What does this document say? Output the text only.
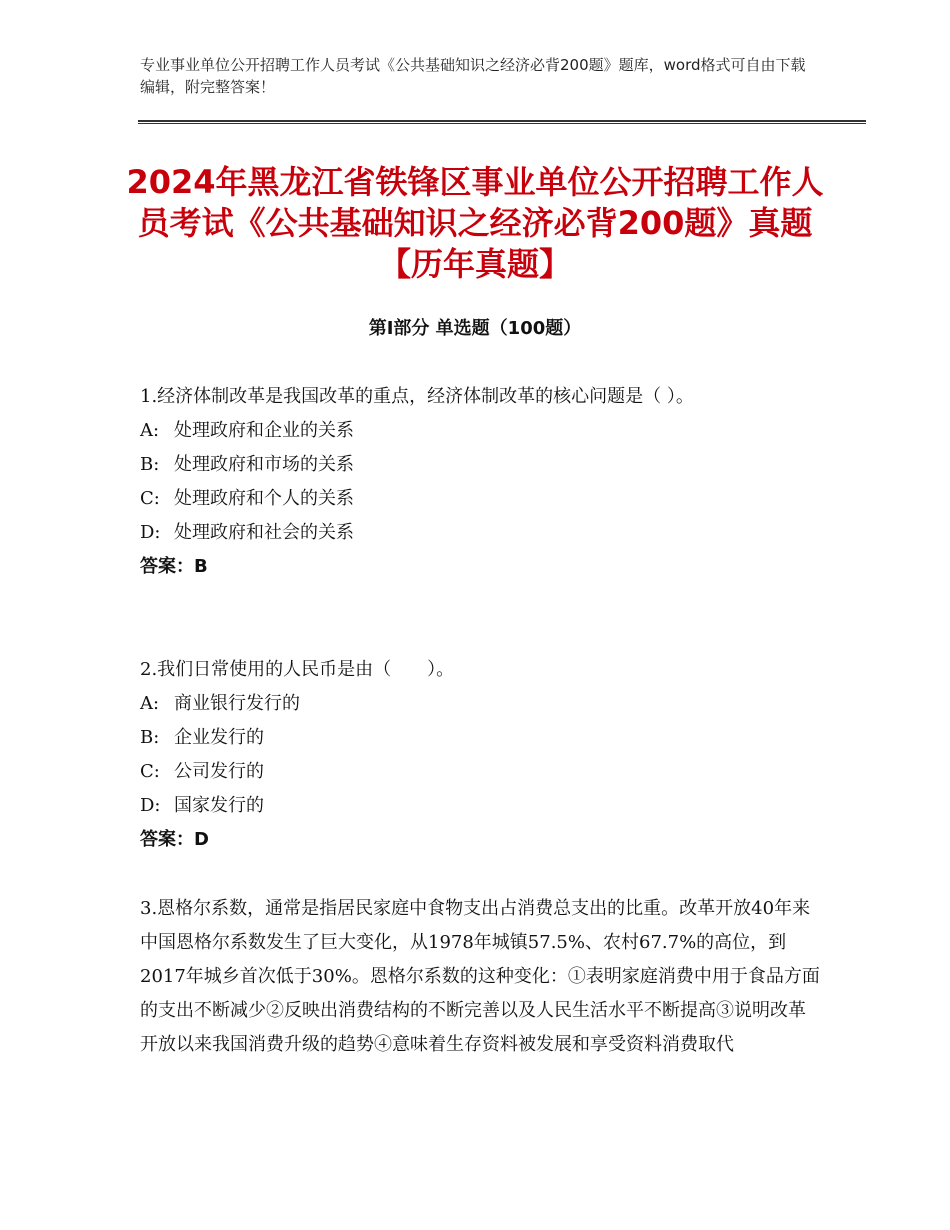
专业事业单位公开招聘工作人员考试《公共基础知识之经济必背200题》题库，word格式可自由下载编辑，附完整答案！
2024年黑龙江省铁锋区事业单位公开招聘工作人员考试《公共基础知识之经济必背200题》真题【历年真题】
第Ⅰ部分 单选题（100题）

1.经济体制改革是我国改革的重点，经济体制改革的核心问题是（ ）。

A: 处理政府和企业的关系

B: 处理政府和市场的关系

C: 处理政府和个人的关系

D: 处理政府和社会的关系

答案：B

2.我们日常使用的人民币是由（　　）。

A: 商业银行发行的

B: 企业发行的

C: 公司发行的

D: 国家发行的

答案：D

3.恩格尔系数，通常是指居民家庭中食物支出占消费总支出的比重。改革开放40年来中国恩格尔系数发生了巨大变化，从1978年城镇57.5%、农村67.7%的高位，到2017年城乡首次低于30%。恩格尔系数的这种变化：①表明家庭消费中用于食品方面的支出不断减少②反映出消费结构的不断完善以及人民生活水平不断提高③说明改革开放以来我国消费升级的趋势④意味着生存资料被发展和享受资料消费取代
